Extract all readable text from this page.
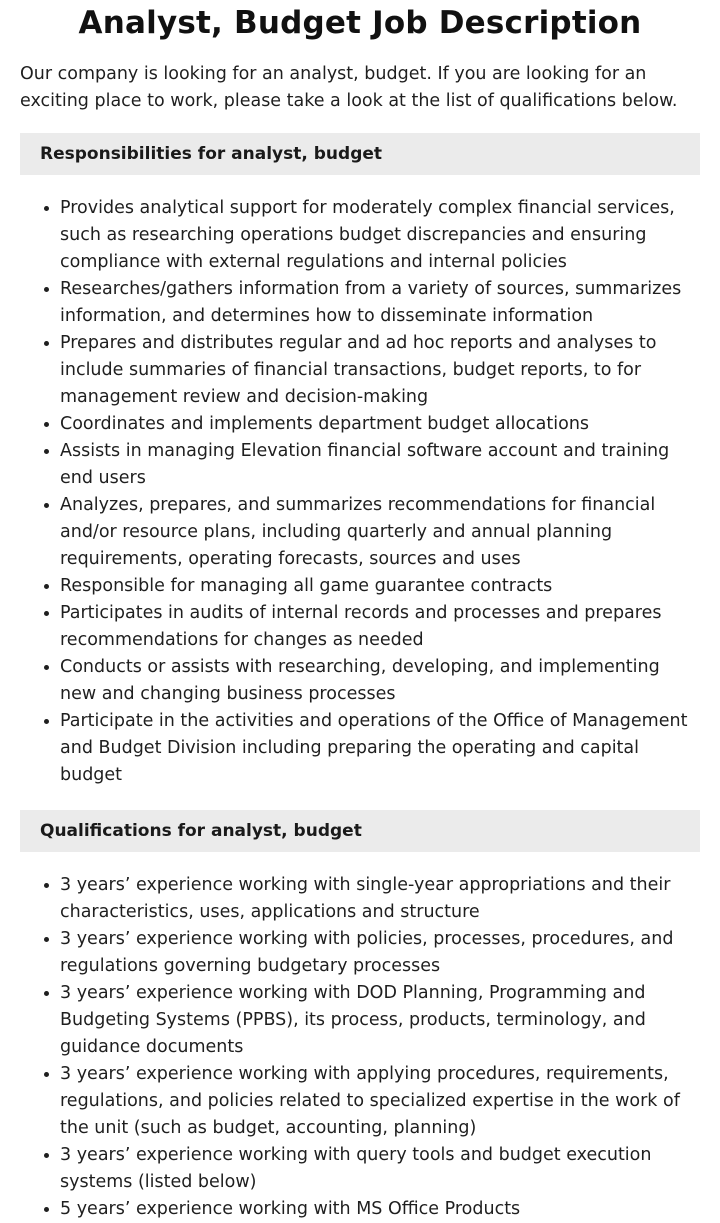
Analyst, Budget Job Description

Our company is looking for an analyst, budget. If you are looking for an exciting place to work, please take a look at the list of qualifications below.

Responsibilities for analyst, budget
• Provides analytical support for moderately complex financial services, such as researching operations budget discrepancies and ensuring compliance with external regulations and internal policies
• Researches/gathers information from a variety of sources, summarizes information, and determines how to disseminate information
• Prepares and distributes regular and ad hoc reports and analyses to include summaries of financial transactions, budget reports, to for management review and decision-making
• Coordinates and implements department budget allocations
• Assists in managing Elevation financial software account and training end users
• Analyzes, prepares, and summarizes recommendations for financial and/or resource plans, including quarterly and annual planning requirements, operating forecasts, sources and uses
• Responsible for managing all game guarantee contracts
• Participates in audits of internal records and processes and prepares recommendations for changes as needed
• Conducts or assists with researching, developing, and implementing new and changing business processes
• Participate in the activities and operations of the Office of Management and Budget Division including preparing the operating and capital budget
Qualifications for analyst, budget
• 3 years’ experience working with single-year appropriations and their characteristics, uses, applications and structure
• 3 years’ experience working with policies, processes, procedures, and regulations governing budgetary processes
• 3 years’ experience working with DOD Planning, Programming and Budgeting Systems (PPBS), its process, products, terminology, and guidance documents
• 3 years’ experience working with applying procedures, requirements, regulations, and policies related to specialized expertise in the work of the unit (such as budget, accounting, planning)
• 3 years’ experience working with query tools and budget execution systems (listed below)
• 5 years’ experience working with MS Office Products
